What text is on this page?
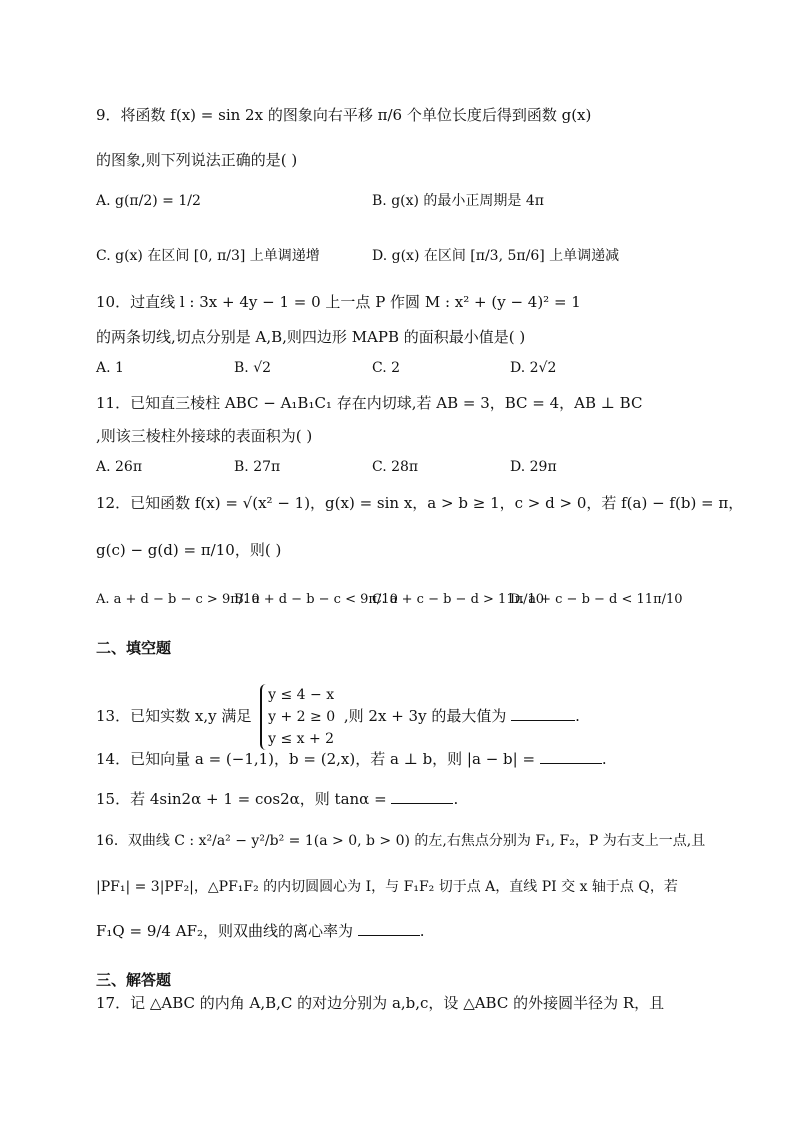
9．将函数 f(x) = sin 2x 的图象向右平移 π/6 个单位长度后得到函数 g(x)
的图象,则下列说法正确的是( )
A. g(π/2) = 1/2	B. g(x) 的最小正周期是 4π
C. g(x) 在区间 [0, π/3] 上单调递增	D. g(x) 在区间 [π/3, 5π/6] 上单调递减
10．过直线 l : 3x + 4y − 1 = 0 上一点 P 作圆 M : x² + (y − 4)² = 1
的两条切线,切点分别是 A,B,则四边形 MAPB 的面积最小值是( )
A. 1	B. √2	C. 2	D. 2√2
11．已知直三棱柱 ABC − A₁B₁C₁ 存在内切球,若 AB = 3，BC = 4，AB ⊥ BC
,则该三棱柱外接球的表面积为( )
A. 26π	B. 27π	C. 28π	D. 29π
12．已知函数 f(x) = √(x² − 1)，g(x) = sin x，a > b ≥ 1，c > d > 0，若 f(a) − f(b) = π，
g(c) − g(d) = π/10，则( )
A. a + d − b − c > 9π/10
B. a + d − b − c < 9π/10
C. a + c − b − d > 11π/10
D. a + c − b − d < 11π/10
二、填空题
13．已知实数 x,y 满足
y ≤ 4 − x
y + 2 ≥ 0
y ≤ x + 2
,则 2x + 3y 的最大值为	.
14．已知向量 a = (−1,1)，b = (2,x)，若 a ⊥ b，则 |a − b| =	.
15．若 4sin2α + 1 = cos2α，则 tanα =	.
16．双曲线 C : x²/a² − y²/b² = 1(a > 0, b > 0) 的左,右焦点分别为 F₁, F₂，P 为右支上一点,且
|PF₁| = 3|PF₂|，△PF₁F₂ 的内切圆圆心为 I，与 F₁F₂ 切于点 A，直线 PI 交 x 轴于点 Q，若
F₁Q = 9/4 AF₂，则双曲线的离心率为	.
三、解答题
17．记 △ABC 的内角 A,B,C 的对边分别为 a,b,c，设 △ABC 的外接圆半径为 R，且
